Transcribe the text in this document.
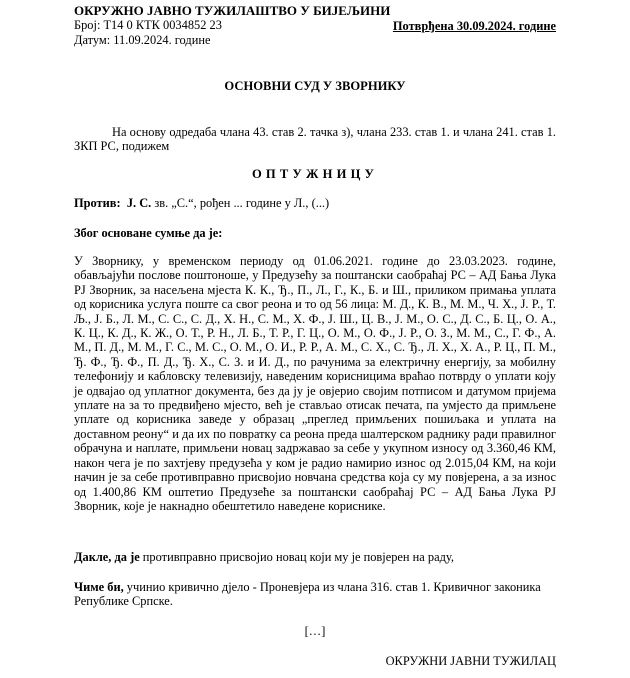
ОКРУЖНО ЈАВНО ТУЖИЛАШТВО У БИЈЕЉИНИ
Број: Т14 0 КТК 0034852 23
Датум: 11.09.2024. године
Потврђена 30.09.2024. године
ОСНОВНИ СУД У ЗВОРНИКУ
На основу одредаба члана 43. став 2. тачка з), члана 233. став 1. и члана 241. став 1. ЗКП РС, подижем
ОПТУЖНИЦУ
Против: Ј. С. зв. „С.“, рођен ... године у Л., (...)
Због основане сумње да је:
У Зворнику, у временском периоду од 01.06.2021. године до 23.03.2023. године, обављајући послове поштоноше, у Предузећу за поштански саобраћај РС – АД Бања Лука РЈ Зворник, за насељена мјеста К. К., Ђ., П., Л., Г., К., Б. и Ш., приликом примања уплата од корисника услуга поште са свог реона и то од 56 лица: М. Д., К. В., М. М., Ч. Х., Ј. Р., Т. Љ., Ј. Б., Л. М., С. С., С. Д., Х. Н., С. М., Х. Ф., Ј. Ш., Ц. В., Ј. М., О. С., Д. С., Б. Ц., О. А., К. Ц., К. Д., К. Ж., О. Т., Р. Н., Л. Б., Т. Р., Г. Ц., О. М., О. Ф., Ј. Р., О. З., М. М., С., Г. Ф., А. М., П. Д., М. М., Г. С., М. С., О. М., О. И., Р. Р., А. М., С. Х., С. Ђ., Л. Х., Х. А., Р. Ц., П. М., Ђ. Ф., Ђ. Ф., П. Д., Ђ. Х., С. З. и И. Д., по рачунима за електричну енергију, за мобилну телефонију и кабловску телевизију, наведеним корисницима враћао потврду о уплати коју је одвајао од уплатног документа, без да ју је овјерио својим потписом и датумом пријема уплате на за то предвиђено мјесто, већ је стављао отисак печата, па умјесто да примљене уплате од корисника заведе у образац „преглед примљених пошиљака и уплата на доставном реону“ и да их по повратку са реона преда шалтерском раднику ради правилног обрачуна и наплате, примљени новац задржавао за себе у укупном износу од 3.360,46 КМ, након чега је по захтјеву предузећа у ком је радио намирио износ од 2.015,04 КМ, на који начин је за себе противправно присвојио новчана средства која су му повјерена, а за износ од 1.400,86 КМ оштетио Предузеће за поштански саобраћај РС – АД Бања Лука РЈ Зворник, које је накнадно обештетило наведене кориснике.
Дакле, да је противправно присвојио новац који му је повјерен на раду,
Чиме би, учинио кривично дјело - Проневјера из члана 316. став 1. Кривичног законика Републике Српске.
[…]
ОКРУЖНИ ЈАВНИ ТУЖИЛАЦ
